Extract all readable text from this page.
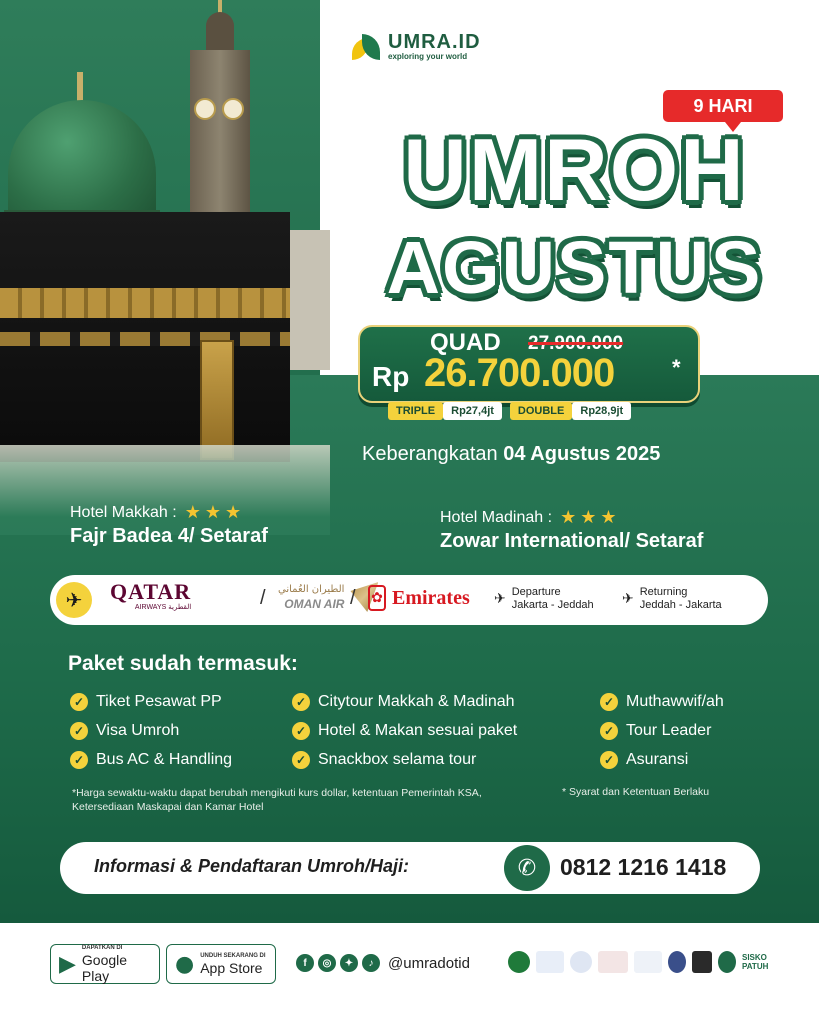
UMRA.ID
exploring your world
9 HARI
UMROH
AGUSTUS
QUAD 27.900.000
Rp 26.700.000	*
TRIPLE	Rp27,4jt	DOUBLE	Rp28,9jt
Keberangkatan 04 Agustus 2025
Hotel Makkah : ★★★
Fajr Badea 4/ Setaraf
Hotel Madinah : ★★★
Zowar International/ Setaraf
✈	QATAR
AIRWAYS القطرية	/ الطيران العُماني
OMAN AIR / ✿ Emirates ✈ Departure
Jakarta - Jeddah ✈ Returning
Jeddah - Jakarta
Paket sudah termasuk:
✓ Tiket Pesawat PP
✓ Visa Umroh
✓ Bus AC & Handling
✓ Citytour Makkah & Madinah
✓ Hotel & Makan sesuai paket
✓ Snackbox selama tour
✓ Muthawwif/ah
✓ Tour Leader
✓ Asuransi
*Harga sewaktu-waktu dapat berubah mengikuti kurs dollar, ketentuan Pemerintah KSA, Ketersediaan Maskapai dan Kamar Hotel
* Syarat dan Ketentuan Berlaku
Informasi & Pendaftaran Umroh/Haji:	✆	0812 1216 1418
▶
DAPATKAN DI
Google Play	● UNDUH SEKARANG DI
App Store	f	◎	✦	♪ @umradotid	SISKO
PATUH
